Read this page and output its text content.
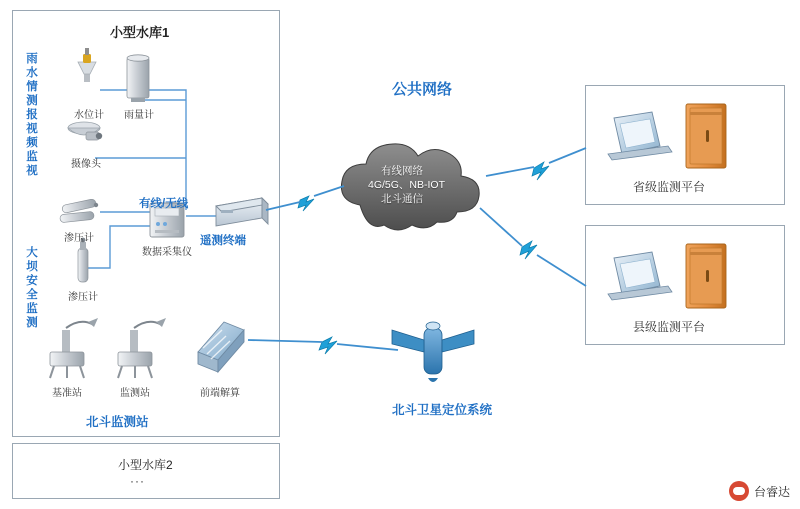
小型水库1
小型水库2
···
雨水情测报 视频监视
大坝安全监测
有线网络
4G/5G、NB-IOT
北斗通信
公共网络
水位计	雨量计
摄像头
渗压计
渗压计
数据采集仪
基准站	监测站	前端解算
有线/无线
遥测终端
北斗监测站
北斗卫星定位系统
省级监测平台
县级监测平台
台睿达
